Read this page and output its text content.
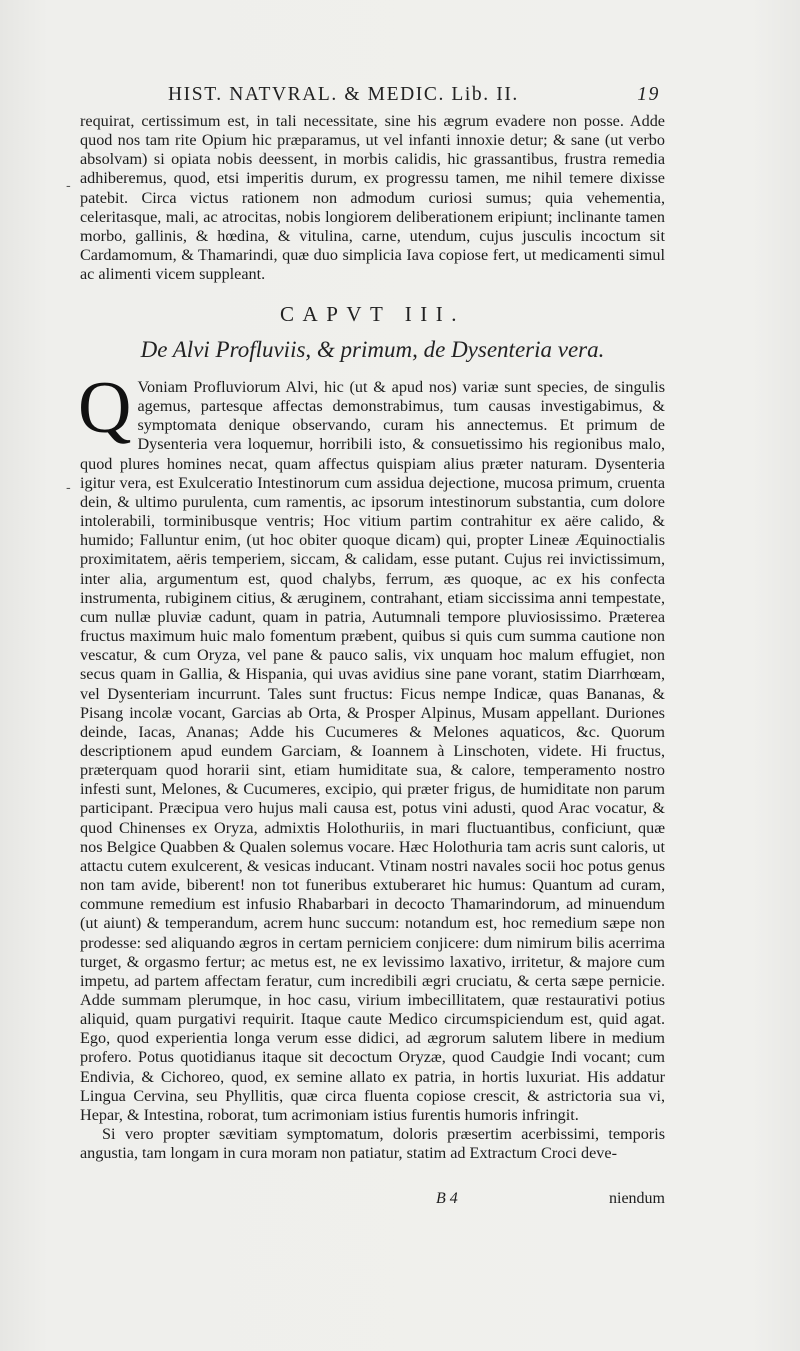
HIST. NATVRAL. & MEDIC. Lib. II.	19

requirat, certissimum est, in tali necessitate, sine his ægrum evadere non posse. Adde quod nos tam rite Opium hic præparamus, ut vel infanti innoxie detur; & sane (ut verbo absolvam) si opiata nobis deessent, in morbis calidis, hic grassantibus, frustra remedia adhiberemus, quod, etsi imperitis durum, ex progressu tamen, me nihil temere dixisse patebit. Circa victus rationem non admodum curiosi sumus; quia vehementia, celeritasque, mali, ac atrocitas, nobis longiorem deliberationem eripiunt; inclinante tamen morbo, gallinis, & hœdina, & vitulina, carne, utendum, cujus jusculis incoctum sit Cardamomum, & Thamarindi, quæ duo simplicia Iava copiose fert, ut medicamenti simul ac alimenti vicem suppleant.

CAPVT III.
De Alvi Profluviis, & primum, de Dysenteria vera.

Q Voniam Profluviorum Alvi, hic (ut & apud nos) variæ sunt species, de singulis agemus, partesque affectas demonstrabimus, tum causas investigabimus, & symptomata denique observando, curam his annectemus. Et primum de Dysenteria vera loquemur, horribili isto, & consuetissimo his regionibus malo, quod plures homines necat, quam affectus quispiam alius præter naturam. Dysenteria igitur vera, est Exulceratio Intestinorum cum assidua dejectione, mucosa primum, cruenta dein, & ultimo purulenta, cum ramentis, ac ipsorum intestinorum substantia, cum dolore intolerabili, torminibusque ventris; Hoc vitium partim contrahitur ex aëre calido, & humido; Falluntur enim, (ut hoc obiter quoque dicam) qui, propter Lineæ Æquinoctialis proximitatem, aëris temperiem, siccam, & calidam, esse putant. Cujus rei invictissimum, inter alia, argumentum est, quod chalybs, ferrum, æs quoque, ac ex his confecta instrumenta, rubiginem citius, & æruginem, contrahant, etiam siccissima anni tempestate, cum nullæ pluviæ cadunt, quam in patria, Autumnali tempore pluviosissimo. Præterea fructus maximum huic malo fomentum præbent, quibus si quis cum summa cautione non vescatur, & cum Oryza, vel pane & pauco salis, vix unquam hoc malum effugiet, non secus quam in Gallia, & Hispania, qui uvas avidius sine pane vorant, statim Diarrhœam, vel Dysenteriam incurrunt. Tales sunt fructus: Ficus nempe Indicæ, quas Bananas, & Pisang incolæ vocant, Garcias ab Orta, & Prosper Alpinus, Musam appellant. Duriones deinde, Iacas, Ananas; Adde his Cucumeres & Melones aquaticos, &c. Quorum descriptionem apud eundem Garciam, & Ioannem à Linschoten, videte. Hi fructus, præterquam quod horarii sint, etiam humiditate sua, & calore, temperamento nostro infesti sunt, Melones, & Cucumeres, excipio, qui præter frigus, de humiditate non parum participant. Præcipua vero hujus mali causa est, potus vini adusti, quod Arac vocatur, & quod Chinenses ex Oryza, admixtis Holothuriis, in mari fluctuantibus, conficiunt, quæ nos Belgice Quabben & Qualen solemus vocare. Hæc Holothuria tam acris sunt caloris, ut attactu cutem exulcerent, & vesicas inducant. Vtinam nostri navales socii hoc potus genus non tam avide, biberent! non tot funeribus extuberaret hic humus: Quantum ad curam, commune remedium est infusio Rhabarbari in decocto Thamarindorum, ad minuendum (ut aiunt) & temperandum, acrem hunc succum: notandum est, hoc remedium sæpe non prodesse: sed aliquando ægros in certam perniciem conjicere: dum nimirum bilis acerrima turget, & orgasmo fertur; ac metus est, ne ex levissimo laxativo, irritetur, & majore cum impetu, ad partem affectam feratur, cum incredibili ægri cruciatu, & certa sæpe pernicie. Adde summam plerumque, in hoc casu, virium imbecillitatem, quæ restaurativi potius aliquid, quam purgativi requirit. Itaque caute Medico circumspiciendum est, quid agat. Ego, quod experientia longa verum esse didici, ad ægrorum salutem libere in medium profero. Potus quotidianus itaque sit decoctum Oryzæ, quod Caudgie Indi vocant; cum Endivia, & Cichoreo, quod, ex semine allato ex patria, in hortis luxuriat. His addatur Lingua Cervina, seu Phyllitis, quæ circa fluenta copiose crescit, & astrictoria sua vi, Hepar, & Intestina, roborat, tum acrimoniam istius furentis humoris infringit.

Si vero propter sævitiam symptomatum, doloris præsertim acerbissimi, temporis angustia, tam longam in cura moram non patiatur, statim ad Extractum Croci deve-

B 4	niendum
-
-
